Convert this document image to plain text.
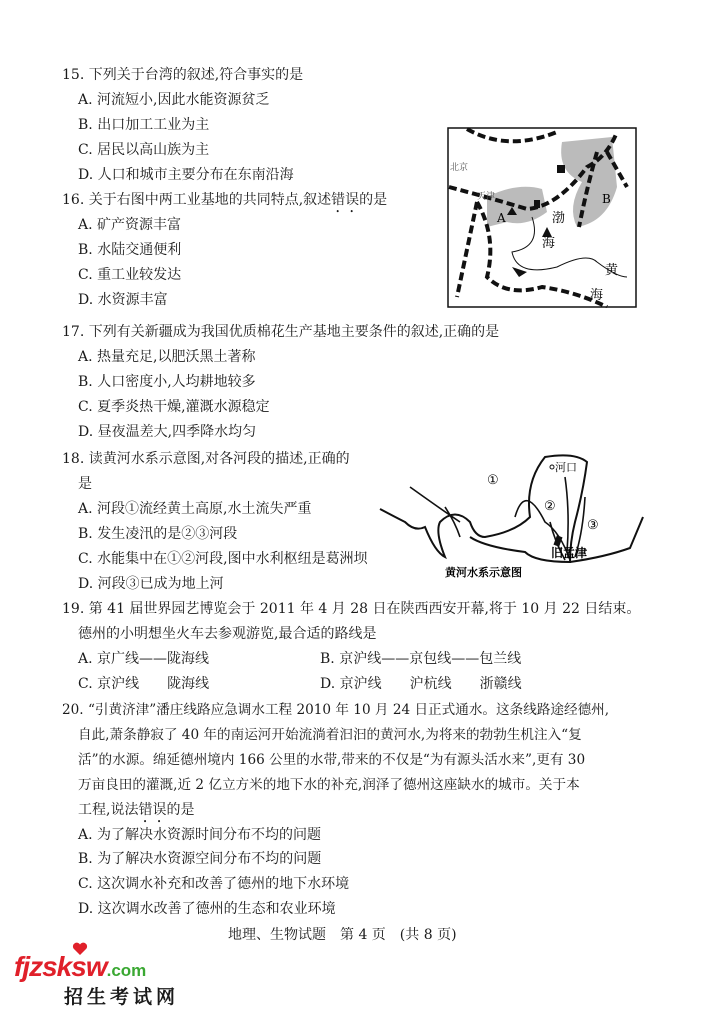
15. 下列关于台湾的叙述,符合事实的是
A. 河流短小,因此水能资源贫乏
B. 出口加工工业为主
C. 居民以高山族为主
D. 人口和城市主要分布在东南沿海
16. 关于右图中两工业基地的共同特点,叙述错误的是
A. 矿产资源丰富
B. 水陆交通便利
C. 重工业较发达
D. 水资源丰富
北京
天津
A
B
渤
海
黄
海
17. 下列有关新疆成为我国优质棉花生产基地主要条件的叙述,正确的是
A. 热量充足,以肥沃黑土著称
B. 人口密度小,人均耕地较多
C. 夏季炎热干燥,灌溉水源稳定
D. 昼夜温差大,四季降水均匀
18. 读黄河水系示意图,对各河段的描述,正确的
是
A. 河段①流经黄土高原,水土流失严重
B. 发生凌汛的是②③河段
C. 水能集中在①②河段,图中水利枢纽是葛洲坝
D. 河段③已成为地上河
①
②
③
河口
旧孟津
黄河水系示意图
19. 第 41 届世界园艺博览会于 2011 年 4 月 28 日在陕西西安开幕,将于 10 月 22 日结束。
德州的小明想坐火车去参观游览,最合适的路线是
A. 京广线——陇海线	B. 京沪线——京包线——包兰线
C. 京沪线　　陇海线	D. 京沪线　　沪杭线　　浙赣线
20. “引黄济津”潘庄线路应急调水工程 2010 年 10 月 24 日正式通水。这条线路途经德州,
自此,萧条静寂了 40 年的南运河开始流淌着汩汩的黄河水,为将来的勃勃生机注入“复
活”的水源。绵延德州境内 166 公里的水带,带来的不仅是“为有源头活水来”,更有 30
万亩良田的灌溉,近 2 亿立方米的地下水的补充,润泽了德州这座缺水的城市。关于本
工程,说法错误的是
A. 为了解决水资源时间分布不均的问题
B. 为了解决水资源空间分布不均的问题
C. 这次调水补充和改善了德州的地下水环境
D. 这次调水改善了德州的生态和农业环境
地理、生物试题　第 4 页　(共 8 页)
fjzsksw.com
招生考试网
